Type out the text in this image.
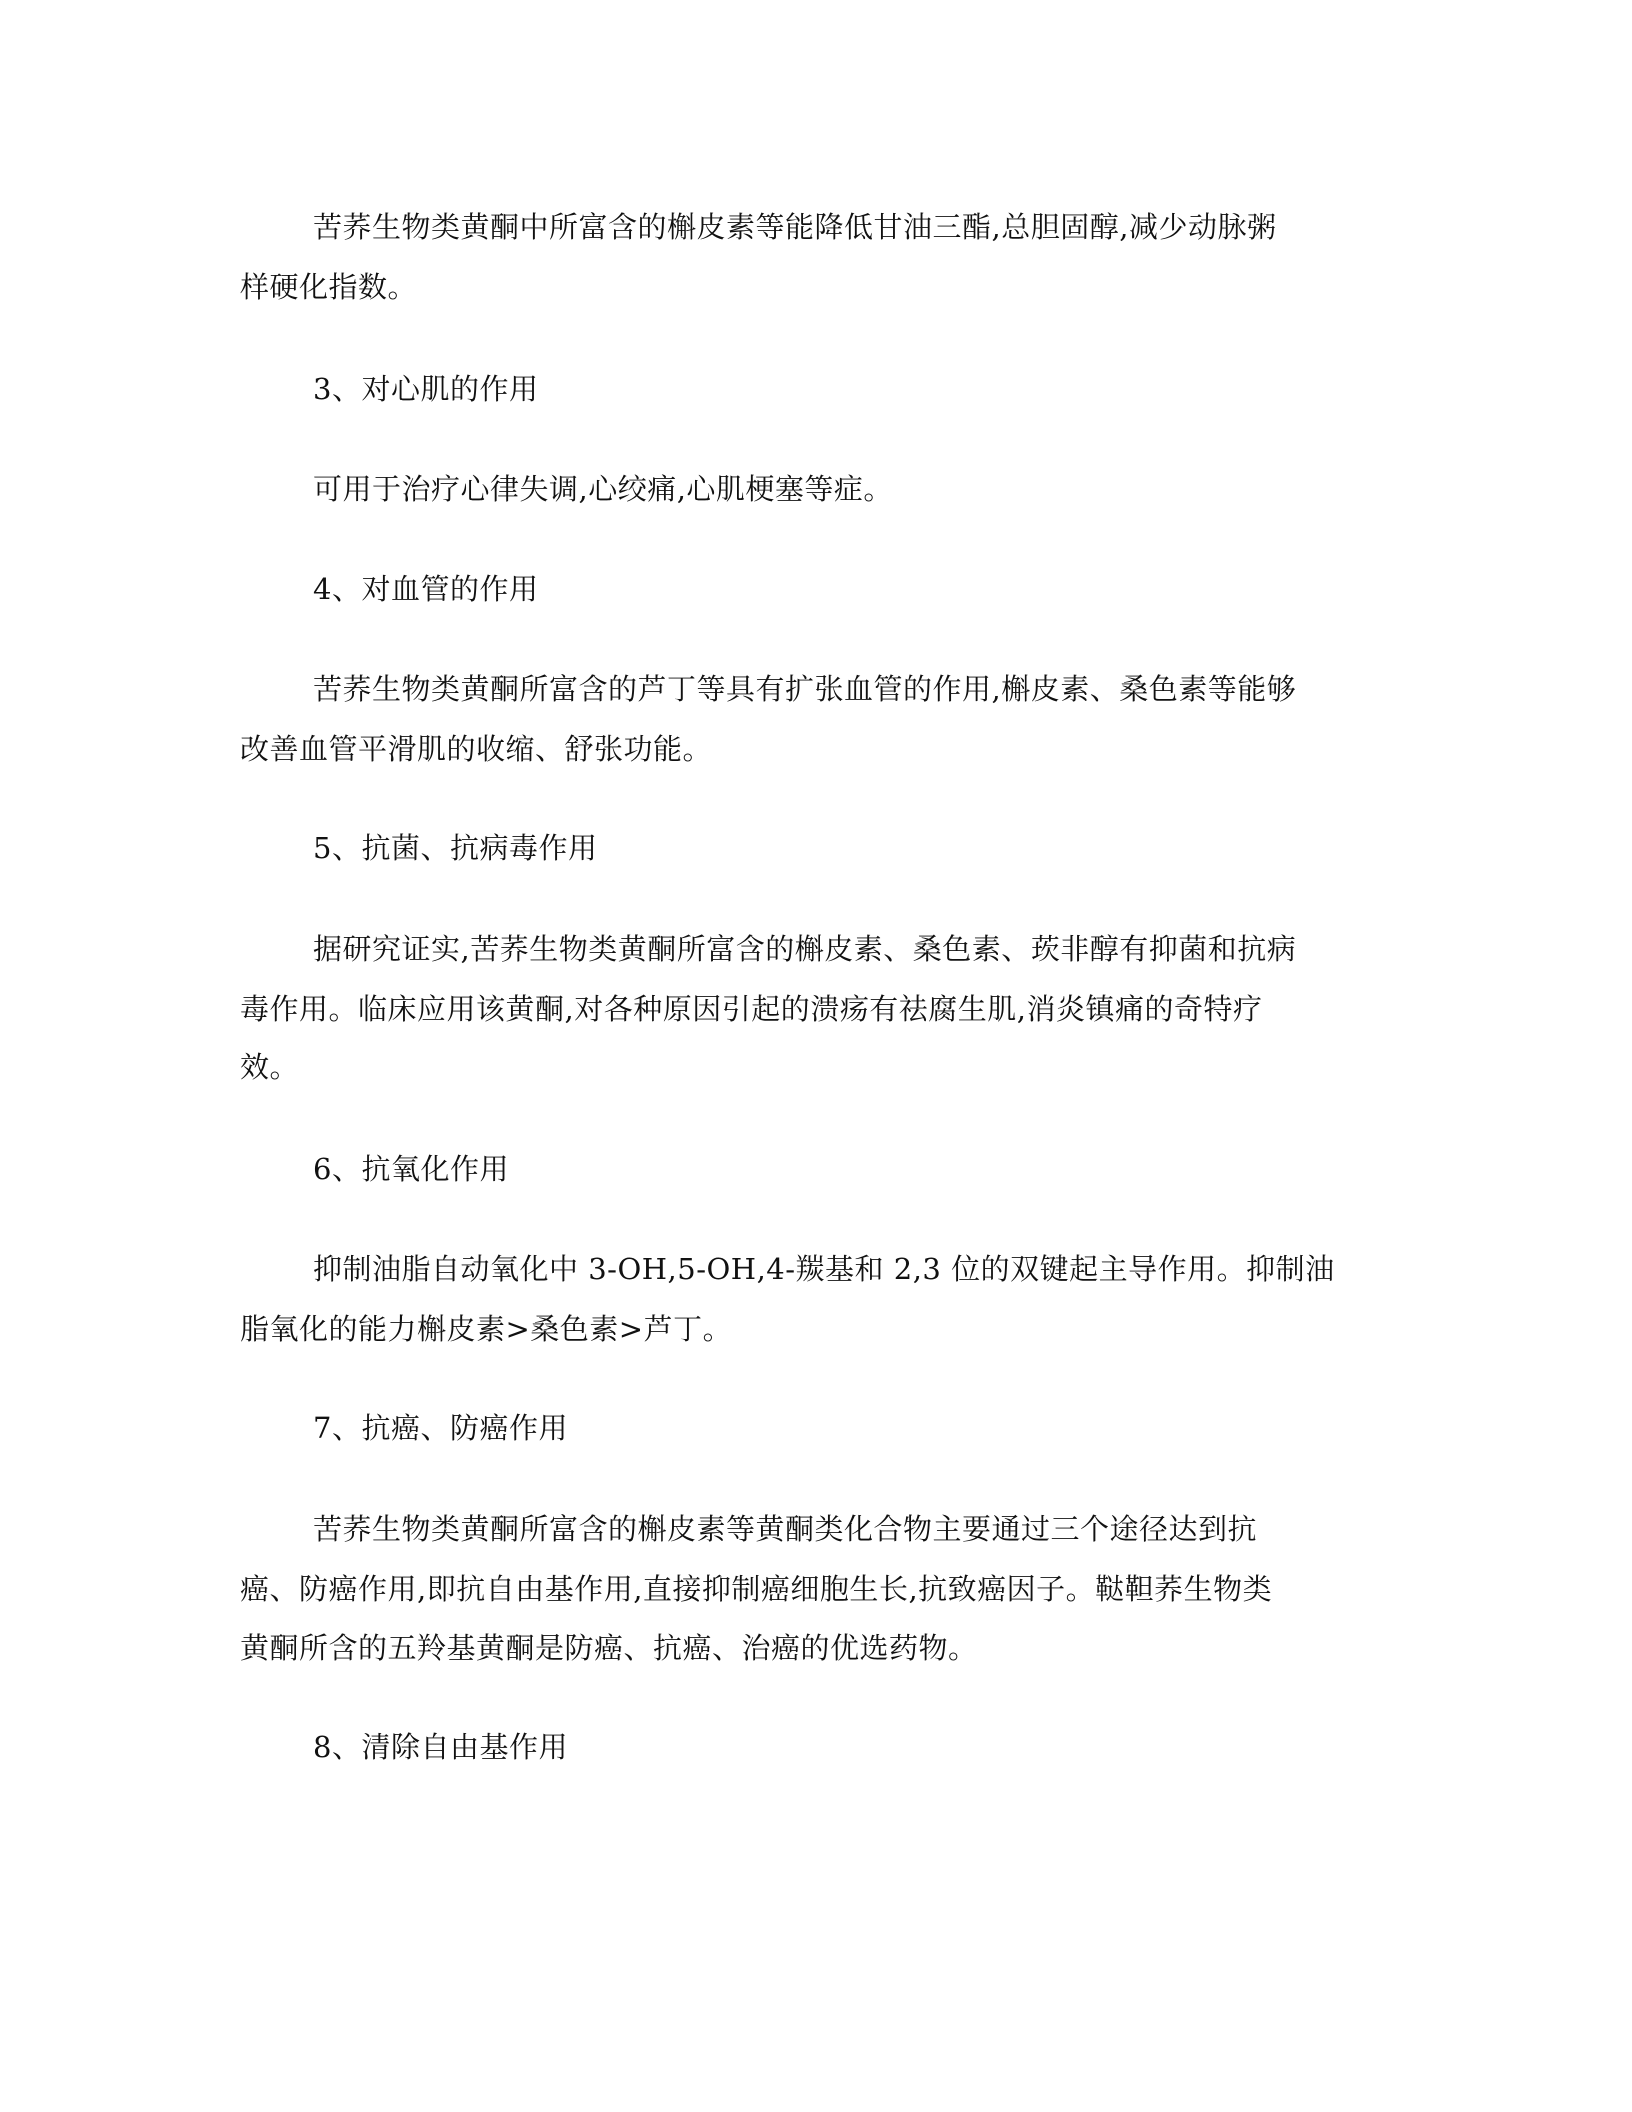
苦荞生物类黄酮中所富含的槲皮素等能降低甘油三酯,总胆固醇,减少动脉粥
样硬化指数。
3、对心肌的作用
可用于治疗心律失调,心绞痛,心肌梗塞等症。
4、对血管的作用
苦荞生物类黄酮所富含的芦丁等具有扩张血管的作用,槲皮素、桑色素等能够
改善血管平滑肌的收缩、舒张功能。
5、抗菌、抗病毒作用
据研究证实,苦荞生物类黄酮所富含的槲皮素、桑色素、莰非醇有抑菌和抗病
毒作用。临床应用该黄酮,对各种原因引起的溃疡有祛腐生肌,消炎镇痛的奇特疗
效。
6、抗氧化作用
抑制油脂自动氧化中 3-OH,5-OH,4-羰基和 2,3 位的双键起主导作用。抑制油
脂氧化的能力槲皮素>桑色素>芦丁。
7、抗癌、防癌作用
苦荞生物类黄酮所富含的槲皮素等黄酮类化合物主要通过三个途径达到抗
癌、防癌作用,即抗自由基作用,直接抑制癌细胞生长,抗致癌因子。鞑靼荞生物类
黄酮所含的五羚基黄酮是防癌、抗癌、治癌的优选药物。
8、清除自由基作用
